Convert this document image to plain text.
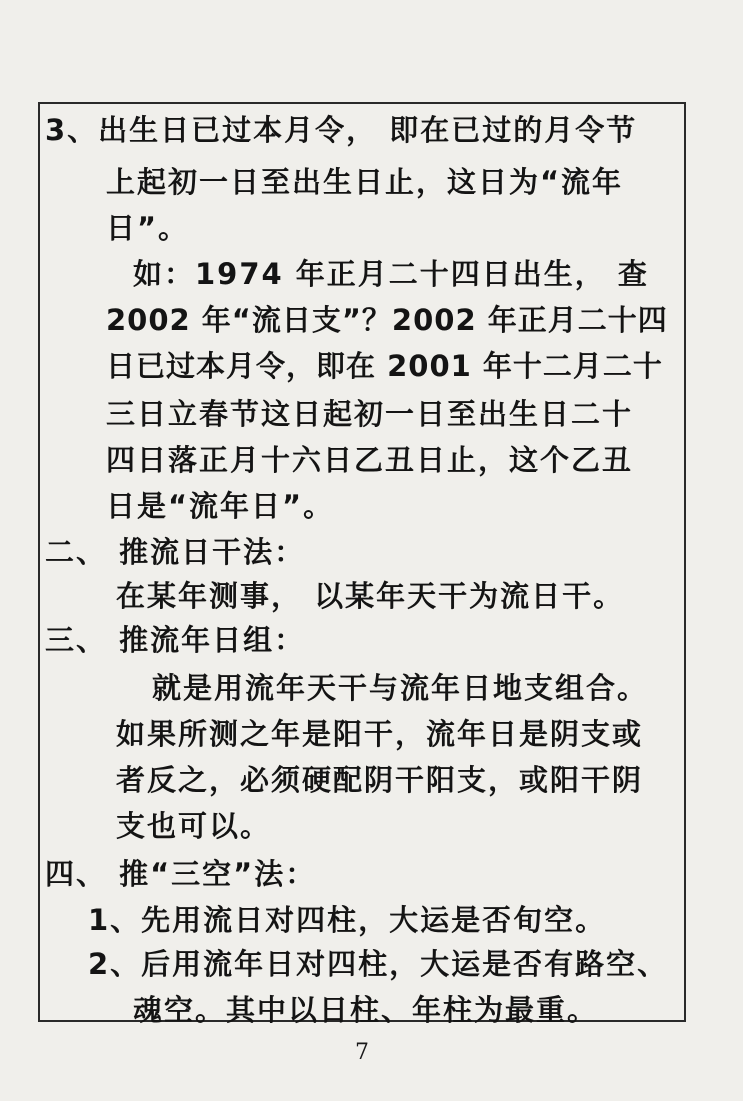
3、出生日已过本月令， 即在已过的月令节
上起初一日至出生日止，这日为“流年
日”。
如：1974 年正月二十四日出生， 查
2002 年“流日支”？2002 年正月二十四
日已过本月令，即在 2001 年十二月二十
三日立春节这日起初一日至出生日二十
四日落正月十六日乙丑日止，这个乙丑
日是“流年日”。
二、 推流日干法：
在某年测事， 以某年天干为流日干。
三、 推流年日组：
就是用流年天干与流年日地支组合。
如果所测之年是阳干，流年日是阴支或
者反之，必须硬配阴干阳支，或阳干阴
支也可以。
四、 推“三空”法：
1、先用流日对四柱，大运是否旬空。
2、后用流年日对四柱，大运是否有路空、
魂空。其中以日柱、年柱为最重。
7
